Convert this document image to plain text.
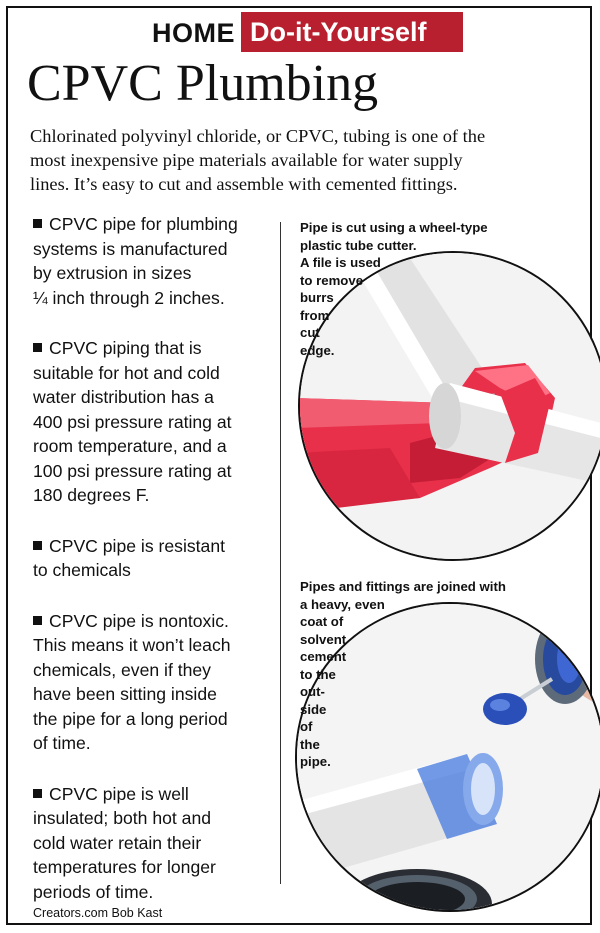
HOME Do-it-Yourself
CPVC Plumbing
Chlorinated polyvinyl chloride, or CPVC, tubing is one of the
most inexpensive pipe materials available for water supply
lines. It’s easy to cut and assemble with cemented fittings.

CPVC pipe for plumbing
systems is manufactured
by extrusion in sizes
¼ inch through 2 inches.

CPVC piping that is
suitable for hot and cold
water distribution has a
400 psi pressure rating at
room temperature, and a
100 psi pressure rating at
180 degrees F.

CPVC pipe is resistant
to chemicals

CPVC pipe is nontoxic.
This means it won’t leach
chemicals, even if they
have been sitting inside
the pipe for a long period
of time.

CPVC pipe is well
insulated; both hot and
cold water retain their
temperatures for longer
periods of time.

Pipe is cut using a wheel-type
plastic tube cutter.
A file is used
to remove
burrs
from
cut
edge.
Pipes and fittings are joined with
a heavy, even
coat of
solvent
cement
to the
out-
side
of
the
pipe.
Creators.com Bob Kast
